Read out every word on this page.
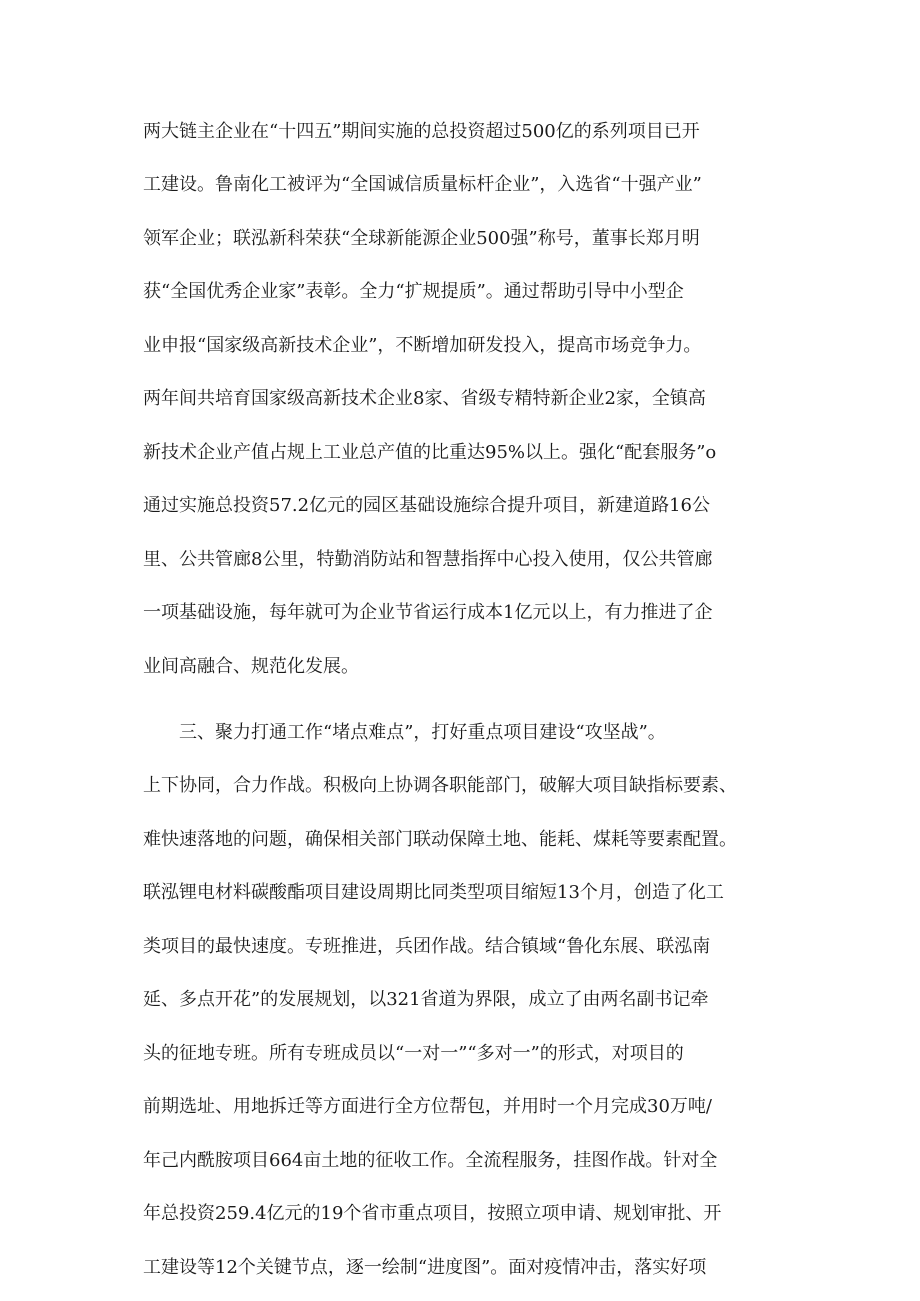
两大链主企业在“十四五”期间实施的总投资超过500亿的系列项目已开
工建设。鲁南化工被评为“全国诚信质量标杆企业”，入选省“十强产业”
领军企业；联泓新科荣获“全球新能源企业500强”称号，董事长郑月明
获“全国优秀企业家”表彰。全力“扩规提质”。通过帮助引导中小型企
业申报“国家级高新技术企业”，不断增加研发投入，提高市场竞争力。
两年间共培育国家级高新技术企业8家、省级专精特新企业2家，全镇高
新技术企业产值占规上工业总产值的比重达95%以上。强化“配套服务”o
通过实施总投资57.2亿元的园区基础设施综合提升项目，新建道路16公
里、公共管廊8公里，特勤消防站和智慧指挥中心投入使用，仅公共管廊
一项基础设施，每年就可为企业节省运行成本1亿元以上，有力推进了企
业间高融合、规范化发展。
三、聚力打通工作“堵点难点”，打好重点项目建设“攻坚战”。
上下协同，合力作战。积极向上协调各职能部门，破解大项目缺指标要素、
难快速落地的问题，确保相关部门联动保障土地、能耗、煤耗等要素配置。
联泓锂电材料碳酸酯项目建设周期比同类型项目缩短13个月，创造了化工
类项目的最快速度。专班推进，兵团作战。结合镇域“鲁化东展、联泓南
延、多点开花”的发展规划，以321省道为界限，成立了由两名副书记牵
头的征地专班。所有专班成员以“一对一”“多对一”的形式，对项目的
前期选址、用地拆迁等方面进行全方位帮包，并用时一个月完成30万吨/
年己内酰胺项目664亩土地的征收工作。全流程服务，挂图作战。针对全
年总投资259.4亿元的19个省市重点项目，按照立项申请、规划审批、开
工建设等12个关键节点，逐一绘制“进度图”。面对疫情冲击，落实好项
